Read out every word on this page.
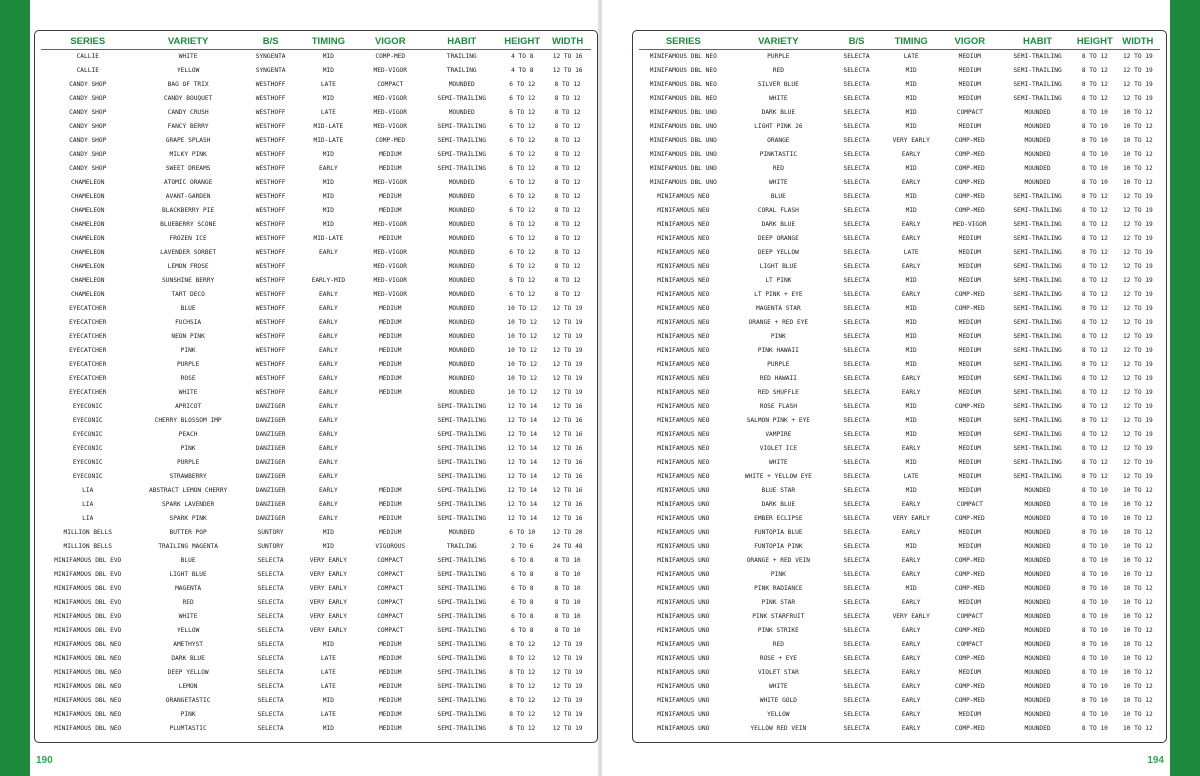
SERIES	VARIETY	B/S	TIMING	VIGOR	HABIT	HEIGHT	WIDTH
CALLIE	WHITE	SYNGENTA	MID	COMP-MED	TRAILING	4 TO 8	12 TO 16
CALLIE	YELLOW	SYNGENTA	MID	MED-VIGOR	TRAILING	4 TO 8	12 TO 16
CANDY SHOP	BAG OF TRIX	WESTHOFF	LATE	COMPACT	MOUNDED	6 TO 12	8 TO 12
CANDY SHOP	CANDY BOUQUET	WESTHOFF	MID	MED-VIGOR	SEMI-TRAILING	6 TO 12	8 TO 12
CANDY SHOP	CANDY CRUSH	WESTHOFF	LATE	MED-VIGOR	MOUNDED	6 TO 12	8 TO 12
CANDY SHOP	FANCY BERRY	WESTHOFF	MID-LATE	MED-VIGOR	SEMI-TRAILING	6 TO 12	8 TO 12
CANDY SHOP	GRAPE SPLASH	WESTHOFF	MID-LATE	COMP-MED	SEMI-TRAILING	6 TO 12	8 TO 12
CANDY SHOP	MILKY PINK	WESTHOFF	MID	MEDIUM	SEMI-TRAILING	6 TO 12	8 TO 12
CANDY SHOP	SWEET DREAMS	WESTHOFF	EARLY	MEDIUM	SEMI-TRAILING	6 TO 12	8 TO 12
CHAMELEON	ATOMIC ORANGE	WESTHOFF	MID	MED-VIGOR	MOUNDED	6 TO 12	8 TO 12
CHAMELEON	AVANT-GARDEN	WESTHOFF	MID	MEDIUM	MOUNDED	6 TO 12	8 TO 12
CHAMELEON	BLACKBERRY PIE	WESTHOFF	MID	MEDIUM	MOUNDED	6 TO 12	8 TO 12
CHAMELEON	BLUEBERRY SCONE	WESTHOFF	MID	MED-VIGOR	MOUNDED	6 TO 12	8 TO 12
CHAMELEON	FROZEN ICE	WESTHOFF	MID-LATE	MEDIUM	MOUNDED	6 TO 12	8 TO 12
CHAMELEON	LAVENDER SORBET	WESTHOFF	EARLY	MED-VIGOR	MOUNDED	6 TO 12	8 TO 12
CHAMELEON	LEMON FROSE	WESTHOFF		MED-VIGOR	MOUNDED	6 TO 12	8 TO 12
CHAMELEON	SUNSHINE BERRY	WESTHOFF	EARLY-MID	MED-VIGOR	MOUNDED	6 TO 12	8 TO 12
CHAMELEON	TART DECO	WESTHOFF	EARLY	MED-VIGOR	MOUNDED	6 TO 12	8 TO 12
EYECATCHER	BLUE	WESTHOFF	EARLY	MEDIUM	MOUNDED	10 TO 12	12 TO 19
EYECATCHER	FUCHSIA	WESTHOFF	EARLY	MEDIUM	MOUNDED	10 TO 12	12 TO 19
EYECATCHER	NEON PINK	WESTHOFF	EARLY	MEDIUM	MOUNDED	10 TO 12	12 TO 19
EYECATCHER	PINK	WESTHOFF	EARLY	MEDIUM	MOUNDED	10 TO 12	12 TO 19
EYECATCHER	PURPLE	WESTHOFF	EARLY	MEDIUM	MOUNDED	10 TO 12	12 TO 19
EYECATCHER	ROSE	WESTHOFF	EARLY	MEDIUM	MOUNDED	10 TO 12	12 TO 19
EYECATCHER	WHITE	WESTHOFF	EARLY	MEDIUM	MOUNDED	10 TO 12	12 TO 19
EYECONIC	APRICOT	DANZIGER	EARLY		SEMI-TRAILING	12 TO 14	12 TO 16
EYECONIC	CHERRY BLOSSOM IMP	DANZIGER	EARLY		SEMI-TRAILING	12 TO 14	12 TO 16
EYECONIC	PEACH	DANZIGER	EARLY		SEMI-TRAILING	12 TO 14	12 TO 16
EYECONIC	PINK	DANZIGER	EARLY		SEMI-TRAILING	12 TO 14	12 TO 16
EYECONIC	PURPLE	DANZIGER	EARLY		SEMI-TRAILING	12 TO 14	12 TO 16
EYECONIC	STRAWBERRY	DANZIGER	EARLY		SEMI-TRAILING	12 TO 14	12 TO 16
LIA	ABSTRACT LEMON CHERRY	DANZIGER	EARLY	MEDIUM	SEMI-TRAILING	12 TO 14	12 TO 16
LIA	SPARK LAVENDER	DANZIGER	EARLY	MEDIUM	SEMI-TRAILING	12 TO 14	12 TO 16
LIA	SPARK PINK	DANZIGER	EARLY	MEDIUM	SEMI-TRAILING	12 TO 14	12 TO 16
MILLION BELLS	BUTTER POP	SUNTORY	MID	MEDIUM	MOUNDED	6 TO 10	12 TO 20
MILLION BELLS	TRAILING MAGENTA	SUNTORY	MID	VIGOROUS	TRAILING	2 TO 6	24 TO 48
MINIFAMOUS DBL EVO	BLUE	SELECTA	VERY EARLY	COMPACT	SEMI-TRAILING	6 TO 8	8 TO 10
MINIFAMOUS DBL EVO	LIGHT BLUE	SELECTA	VERY EARLY	COMPACT	SEMI-TRAILING	6 TO 8	8 TO 10
MINIFAMOUS DBL EVO	MAGENTA	SELECTA	VERY EARLY	COMPACT	SEMI-TRAILING	6 TO 8	8 TO 10
MINIFAMOUS DBL EVO	RED	SELECTA	VERY EARLY	COMPACT	SEMI-TRAILING	6 TO 8	8 TO 10
MINIFAMOUS DBL EVO	WHITE	SELECTA	VERY EARLY	COMPACT	SEMI-TRAILING	6 TO 8	8 TO 10
MINIFAMOUS DBL EVO	YELLOW	SELECTA	VERY EARLY	COMPACT	SEMI-TRAILING	6 TO 8	8 TO 10
MINIFAMOUS DBL NEO	AMETHYST	SELECTA	MID	MEDIUM	SEMI-TRAILING	8 TO 12	12 TO 19
MINIFAMOUS DBL NEO	DARK BLUE	SELECTA	LATE	MEDIUM	SEMI-TRAILING	8 TO 12	12 TO 19
MINIFAMOUS DBL NEO	DEEP YELLOW	SELECTA	LATE	MEDIUM	SEMI-TRAILING	8 TO 12	12 TO 19
MINIFAMOUS DBL NEO	LEMON	SELECTA	LATE	MEDIUM	SEMI-TRAILING	8 TO 12	12 TO 19
MINIFAMOUS DBL NEO	ORANGETASTIC	SELECTA	MID	MEDIUM	SEMI-TRAILING	8 TO 12	12 TO 19
MINIFAMOUS DBL NEO	PINK	SELECTA	LATE	MEDIUM	SEMI-TRAILING	8 TO 12	12 TO 19
MINIFAMOUS DBL NEO	PLUMTASTIC	SELECTA	MID	MEDIUM	SEMI-TRAILING	8 TO 12	12 TO 19
190
SERIES	VARIETY	B/S	TIMING	VIGOR	HABIT	HEIGHT	WIDTH
MINIFAMOUS DBL NEO	PURPLE	SELECTA	LATE	MEDIUM	SEMI-TRAILING	8 TO 12	12 TO 19
MINIFAMOUS DBL NEO	RED	SELECTA	MID	MEDIUM	SEMI-TRAILING	8 TO 12	12 TO 19
MINIFAMOUS DBL NEO	SILVER BLUE	SELECTA	MID	MEDIUM	SEMI-TRAILING	8 TO 12	12 TO 19
MINIFAMOUS DBL NEO	WHITE	SELECTA	MID	MEDIUM	SEMI-TRAILING	8 TO 12	12 TO 19
MINIFAMOUS DBL UNO	DARK BLUE	SELECTA	MID	COMPACT	MOUNDED	8 TO 10	10 TO 12
MINIFAMOUS DBL UNO	LIGHT PINK 26	SELECTA	MID	MEDIUM	MOUNDED	8 TO 10	10 TO 12
MINIFAMOUS DBL UNO	ORANGE	SELECTA	VERY EARLY	COMP-MED	MOUNDED	8 TO 10	10 TO 12
MINIFAMOUS DBL UNO	PINKTASTIC	SELECTA	EARLY	COMP-MED	MOUNDED	8 TO 10	10 TO 12
MINIFAMOUS DBL UNO	RED	SELECTA	MID	COMP-MED	MOUNDED	8 TO 10	10 TO 12
MINIFAMOUS DBL UNO	WHITE	SELECTA	EARLY	COMP-MED	MOUNDED	8 TO 10	10 TO 12
MINIFAMOUS NEO	BLUE	SELECTA	MID	COMP-MED	SEMI-TRAILING	8 TO 12	12 TO 19
MINIFAMOUS NEO	CORAL FLASH	SELECTA	MID	COMP-MED	SEMI-TRAILING	8 TO 12	12 TO 19
MINIFAMOUS NEO	DARK BLUE	SELECTA	EARLY	MED-VIGOR	SEMI-TRAILING	8 TO 12	12 TO 19
MINIFAMOUS NEO	DEEP ORANGE	SELECTA	EARLY	MEDIUM	SEMI-TRAILING	8 TO 12	12 TO 19
MINIFAMOUS NEO	DEEP YELLOW	SELECTA	LATE	MEDIUM	SEMI-TRAILING	8 TO 12	12 TO 19
MINIFAMOUS NEO	LIGHT BLUE	SELECTA	EARLY	MEDIUM	SEMI-TRAILING	8 TO 12	12 TO 19
MINIFAMOUS NEO	LT PINK	SELECTA	MID	MEDIUM	SEMI-TRAILING	8 TO 12	12 TO 19
MINIFAMOUS NEO	LT PINK + EYE	SELECTA	EARLY	COMP-MED	SEMI-TRAILING	8 TO 12	12 TO 19
MINIFAMOUS NEO	MAGENTA STAR	SELECTA	MID	COMP-MED	SEMI-TRAILING	8 TO 12	12 TO 19
MINIFAMOUS NEO	ORANGE + RED EYE	SELECTA	MID	MEDIUM	SEMI-TRAILING	8 TO 12	12 TO 19
MINIFAMOUS NEO	PINK	SELECTA	MID	MEDIUM	SEMI-TRAILING	8 TO 12	12 TO 19
MINIFAMOUS NEO	PINK HAWAII	SELECTA	MID	MEDIUM	SEMI-TRAILING	8 TO 12	12 TO 19
MINIFAMOUS NEO	PURPLE	SELECTA	MID	MEDIUM	SEMI-TRAILING	8 TO 12	12 TO 19
MINIFAMOUS NEO	RED HAWAII	SELECTA	EARLY	MEDIUM	SEMI-TRAILING	8 TO 12	12 TO 19
MINIFAMOUS NEO	RED SHUFFLE	SELECTA	EARLY	MEDIUM	SEMI-TRAILING	8 TO 12	12 TO 19
MINIFAMOUS NEO	ROSE FLASH	SELECTA	MID	COMP-MED	SEMI-TRAILING	8 TO 12	12 TO 19
MINIFAMOUS NEO	SALMON PINK + EYE	SELECTA	MID	MEDIUM	SEMI-TRAILING	8 TO 12	12 TO 19
MINIFAMOUS NEO	VAMPIRE	SELECTA	MID	MEDIUM	SEMI-TRAILING	8 TO 12	12 TO 19
MINIFAMOUS NEO	VIOLET ICE	SELECTA	EARLY	MEDIUM	SEMI-TRAILING	8 TO 12	12 TO 19
MINIFAMOUS NEO	WHITE	SELECTA	MID	MEDIUM	SEMI-TRAILING	8 TO 12	12 TO 19
MINIFAMOUS NEO	WHITE + YELLOW EYE	SELECTA	LATE	MEDIUM	SEMI-TRAILING	8 TO 12	12 TO 19
MINIFAMOUS UNO	BLUE STAR	SELECTA	MID	MEDIUM	MOUNDED	8 TO 10	10 TO 12
MINIFAMOUS UNO	DARK BLUE	SELECTA	EARLY	COMPACT	MOUNDED	8 TO 10	10 TO 12
MINIFAMOUS UNO	EMBER ECLIPSE	SELECTA	VERY EARLY	COMP-MED	MOUNDED	8 TO 10	10 TO 12
MINIFAMOUS UNO	FUNTOPIA BLUE	SELECTA	EARLY	MEDIUM	MOUNDED	8 TO 10	10 TO 12
MINIFAMOUS UNO	FUNTOPIA PINK	SELECTA	MID	MEDIUM	MOUNDED	8 TO 10	10 TO 12
MINIFAMOUS UNO	ORANGE + RED VEIN	SELECTA	EARLY	COMP-MED	MOUNDED	8 TO 10	10 TO 12
MINIFAMOUS UNO	PINK	SELECTA	EARLY	COMP-MED	MOUNDED	8 TO 10	10 TO 12
MINIFAMOUS UNO	PINK RADIANCE	SELECTA	MID	COMP-MED	MOUNDED	8 TO 10	10 TO 12
MINIFAMOUS UNO	PINK STAR	SELECTA	EARLY	MEDIUM	MOUNDED	8 TO 10	10 TO 12
MINIFAMOUS UNO	PINK STARFRUIT	SELECTA	VERY EARLY	COMPACT	MOUNDED	8 TO 10	10 TO 12
MINIFAMOUS UNO	PINK STRIKE	SELECTA	EARLY	COMP-MED	MOUNDED	8 TO 10	10 TO 12
MINIFAMOUS UNO	RED	SELECTA	EARLY	COMPACT	MOUNDED	8 TO 10	10 TO 12
MINIFAMOUS UNO	ROSE + EYE	SELECTA	EARLY	COMP-MED	MOUNDED	8 TO 10	10 TO 12
MINIFAMOUS UNO	VIOLET STAR	SELECTA	EARLY	MEDIUM	MOUNDED	8 TO 10	10 TO 12
MINIFAMOUS UNO	WHITE	SELECTA	EARLY	COMP-MED	MOUNDED	8 TO 10	10 TO 12
MINIFAMOUS UNO	WHITE GOLD	SELECTA	EARLY	COMP-MED	MOUNDED	8 TO 10	10 TO 12
MINIFAMOUS UNO	YELLOW	SELECTA	EARLY	MEDIUM	MOUNDED	8 TO 10	10 TO 12
MINIFAMOUS UNO	YELLOW RED VEIN	SELECTA	EARLY	COMP-MED	MOUNDED	8 TO 10	10 TO 12
194
